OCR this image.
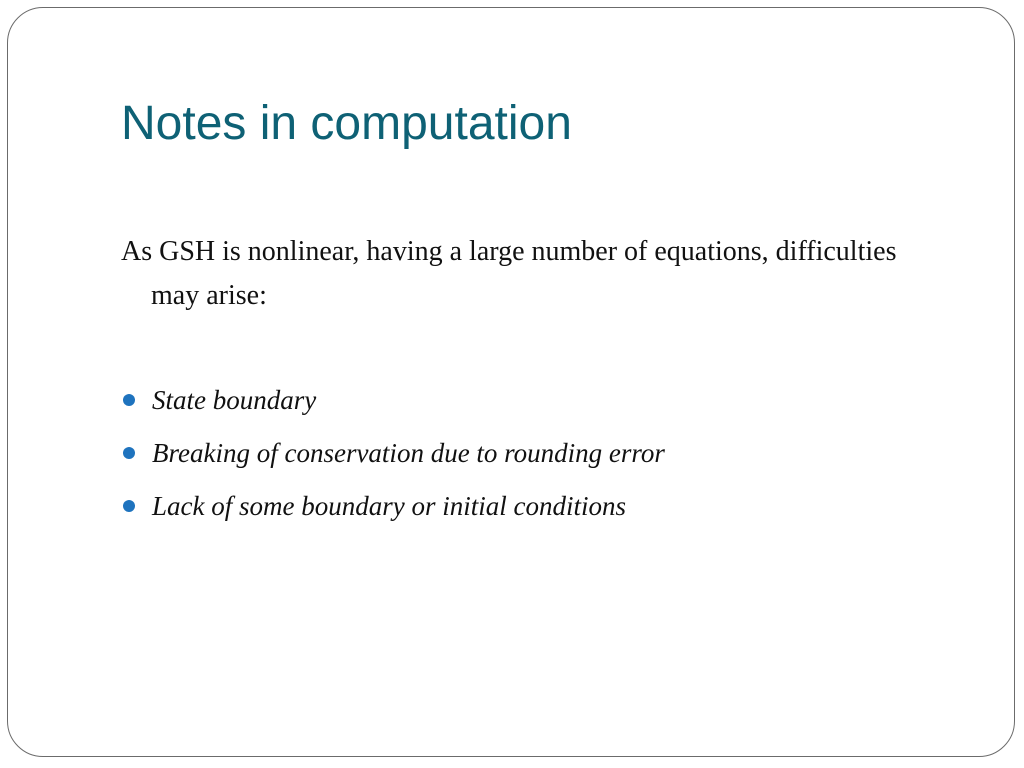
Notes in computation

As GSH is nonlinear, having a large number of equations, difficulties may arise:

State boundary
Breaking of conservation due to rounding error
Lack of some boundary or initial conditions
